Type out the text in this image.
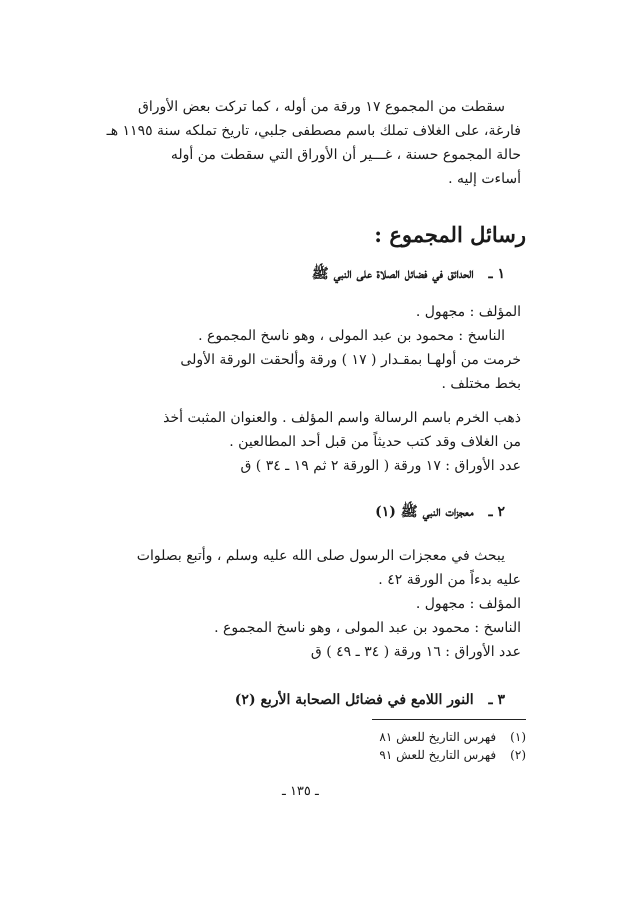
سقطت من المجموع ١٧ ورقة من أوله ، كما تركت بعض الأوراق

فارغة، على الغلاف تملك باسم مصطفى جلبي، تاريخ تملكه سنة ١١٩٥ هـ

حالة المجموع حسنة ، غـــير أن الأوراق التي سقطت من أوله

أساءت إليه .

رسائل المجموع :

١ ـ الحدائق في فضائل الصلاة على النبي ﷺ

المؤلف : مجهول .

الناسخ : محمود بن عبد المولى ، وهو ناسخ المجموع .

خرمت من أولهـا بمقـدار ( ١٧ ) ورقة وألحقت الورقة الأولى

بخط مختلف .

ذهب الخرم باسم الرسالة واسم المؤلف . والعنوان المثبت أخذ

من الغلاف وقد كتب حديثاً من قبل أحد المطالعين .

عدد الأوراق : ١٧ ورقة ( الورقة ٢ ثم ١٩ ـ ٣٤ ) ق

٢ ـ معجزات النبي ﷺ (١)

يبحث في معجزات الرسول صلى الله عليه وسلم ، وأتبع بصلوات

عليه بدءاً من الورقة ٤٢ .

المؤلف : مجهول .

الناسخ : محمود بن عبد المولى ، وهو ناسخ المجموع .

عدد الأوراق : ١٦ ورقة ( ٣٤ ـ ٤٩ ) ق

٣ ـ النور اللامع في فضائل الصحابة الأربع (٢)

(١) فهرس التاريخ للعش ٨١
(٢) فهرس التاريخ للعش ٩١
ـ ١٣٥ ـ
